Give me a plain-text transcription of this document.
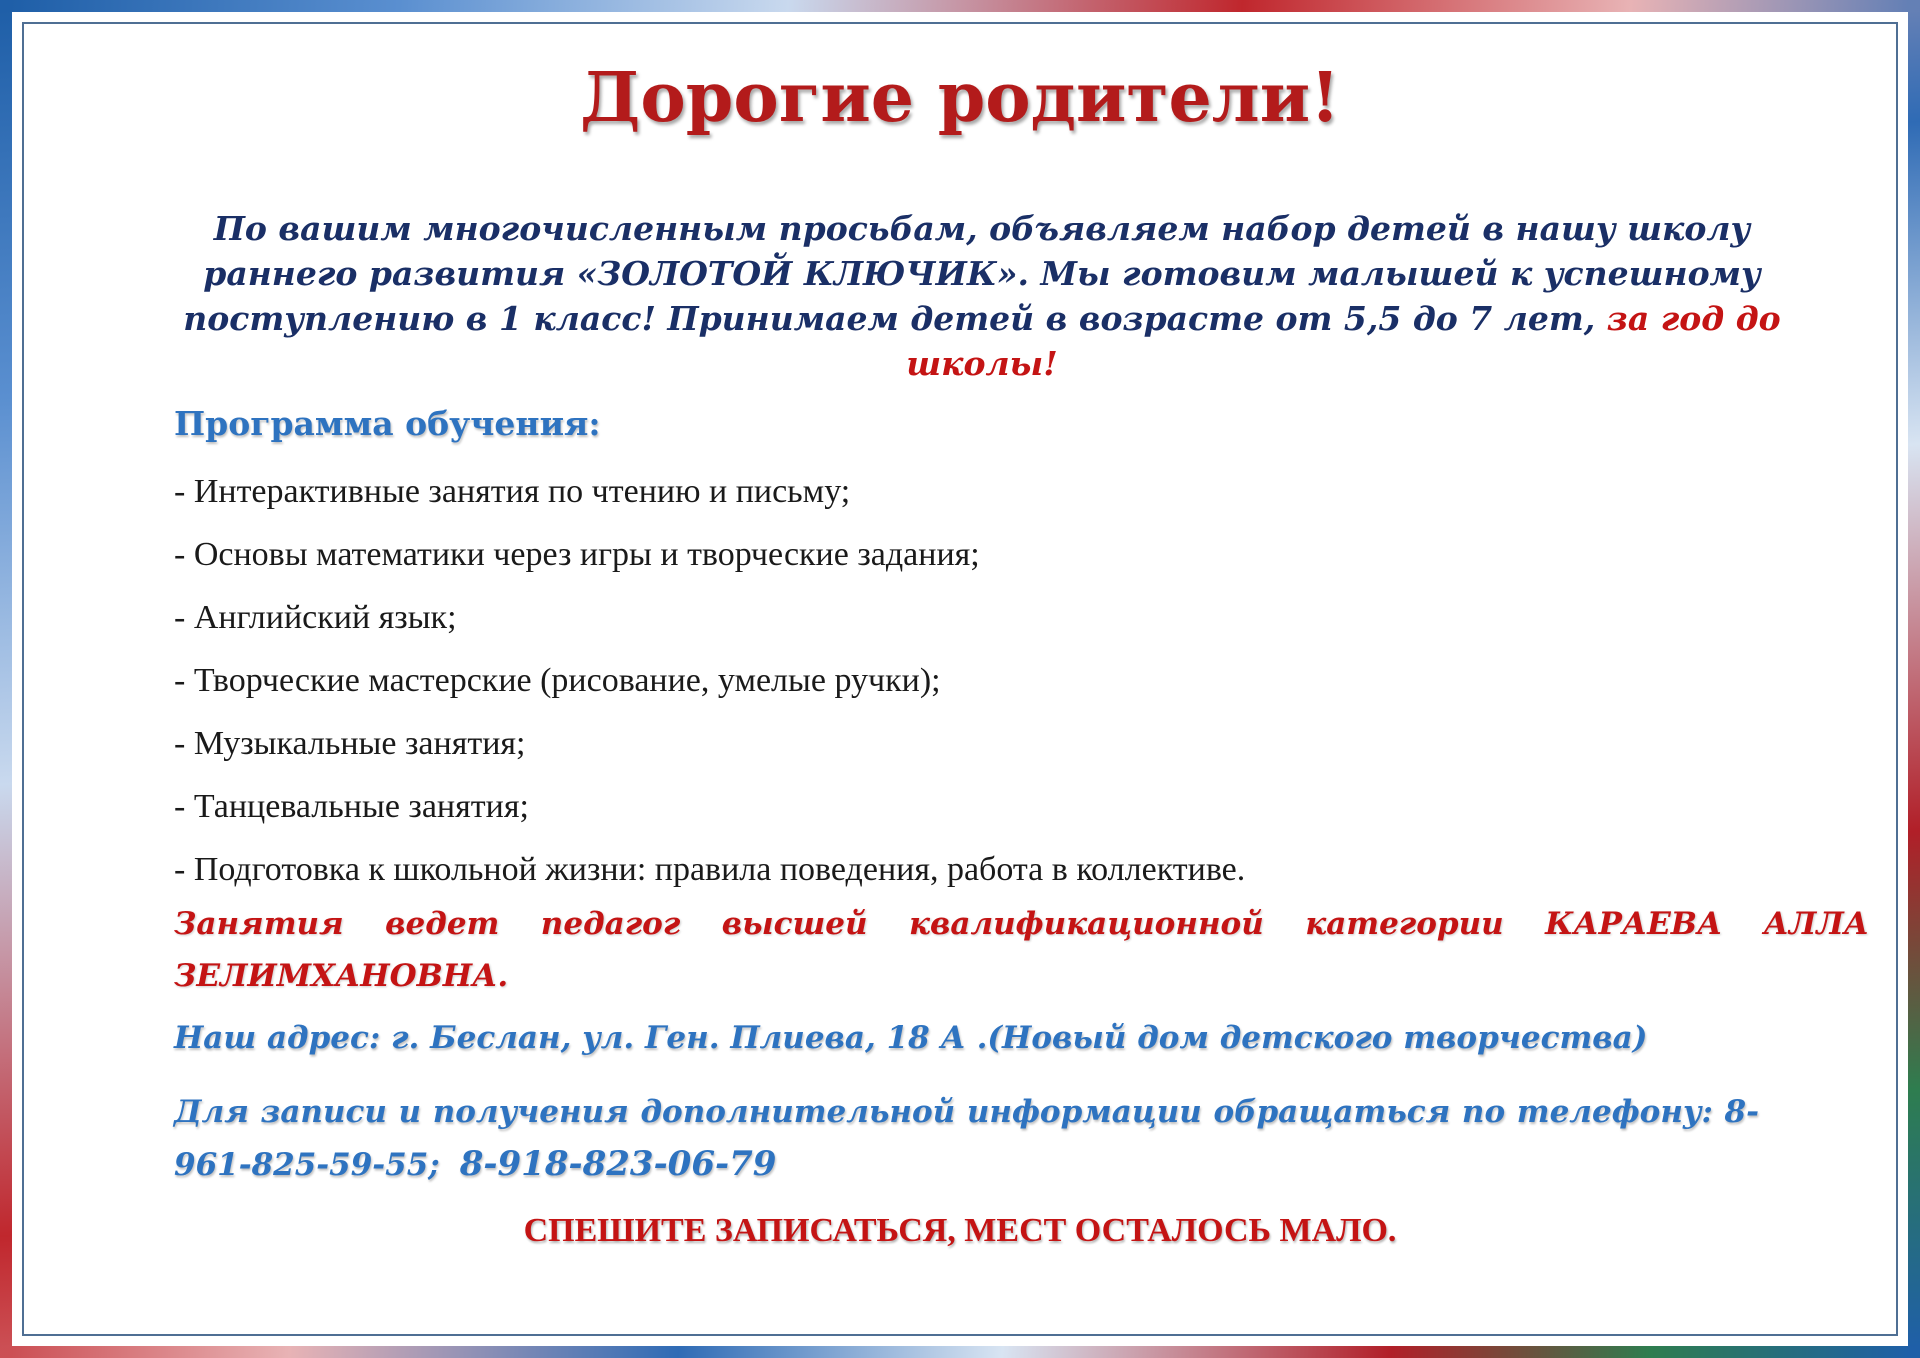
Дорогие родители!
По вашим многочисленным просьбам, объявляем набор детей в нашу школу раннего развития «ЗОЛОТОЙ КЛЮЧИК». Мы готовим малышей к успешному поступлению в 1 класс! Принимаем детей в возрасте от 5,5 до 7 лет, за год до школы!
Программа обучения:
- Интерактивные занятия по чтению и письму;
- Основы математики через игры и творческие задания;
- Английский язык;
- Творческие мастерские (рисование, умелые ручки);
- Музыкальные занятия;
- Танцевальные занятия;
- Подготовка к школьной жизни: правила поведения, работа в коллективе.
Занятия ведет педагог высшей квалификационной категории КАРАЕВА АЛЛА ЗЕЛИМХАНОВНА.
Наш адрес: г. Беслан, ул. Ген. Плиева, 18 А .(Новый дом детского творчества)
Для записи и получения дополнительной информации обращаться по телефону: 8-961-825-59-55; 8-918-823-06-79
СПЕШИТЕ ЗАПИСАТЬСЯ, МЕСТ ОСТАЛОСЬ МАЛО.
